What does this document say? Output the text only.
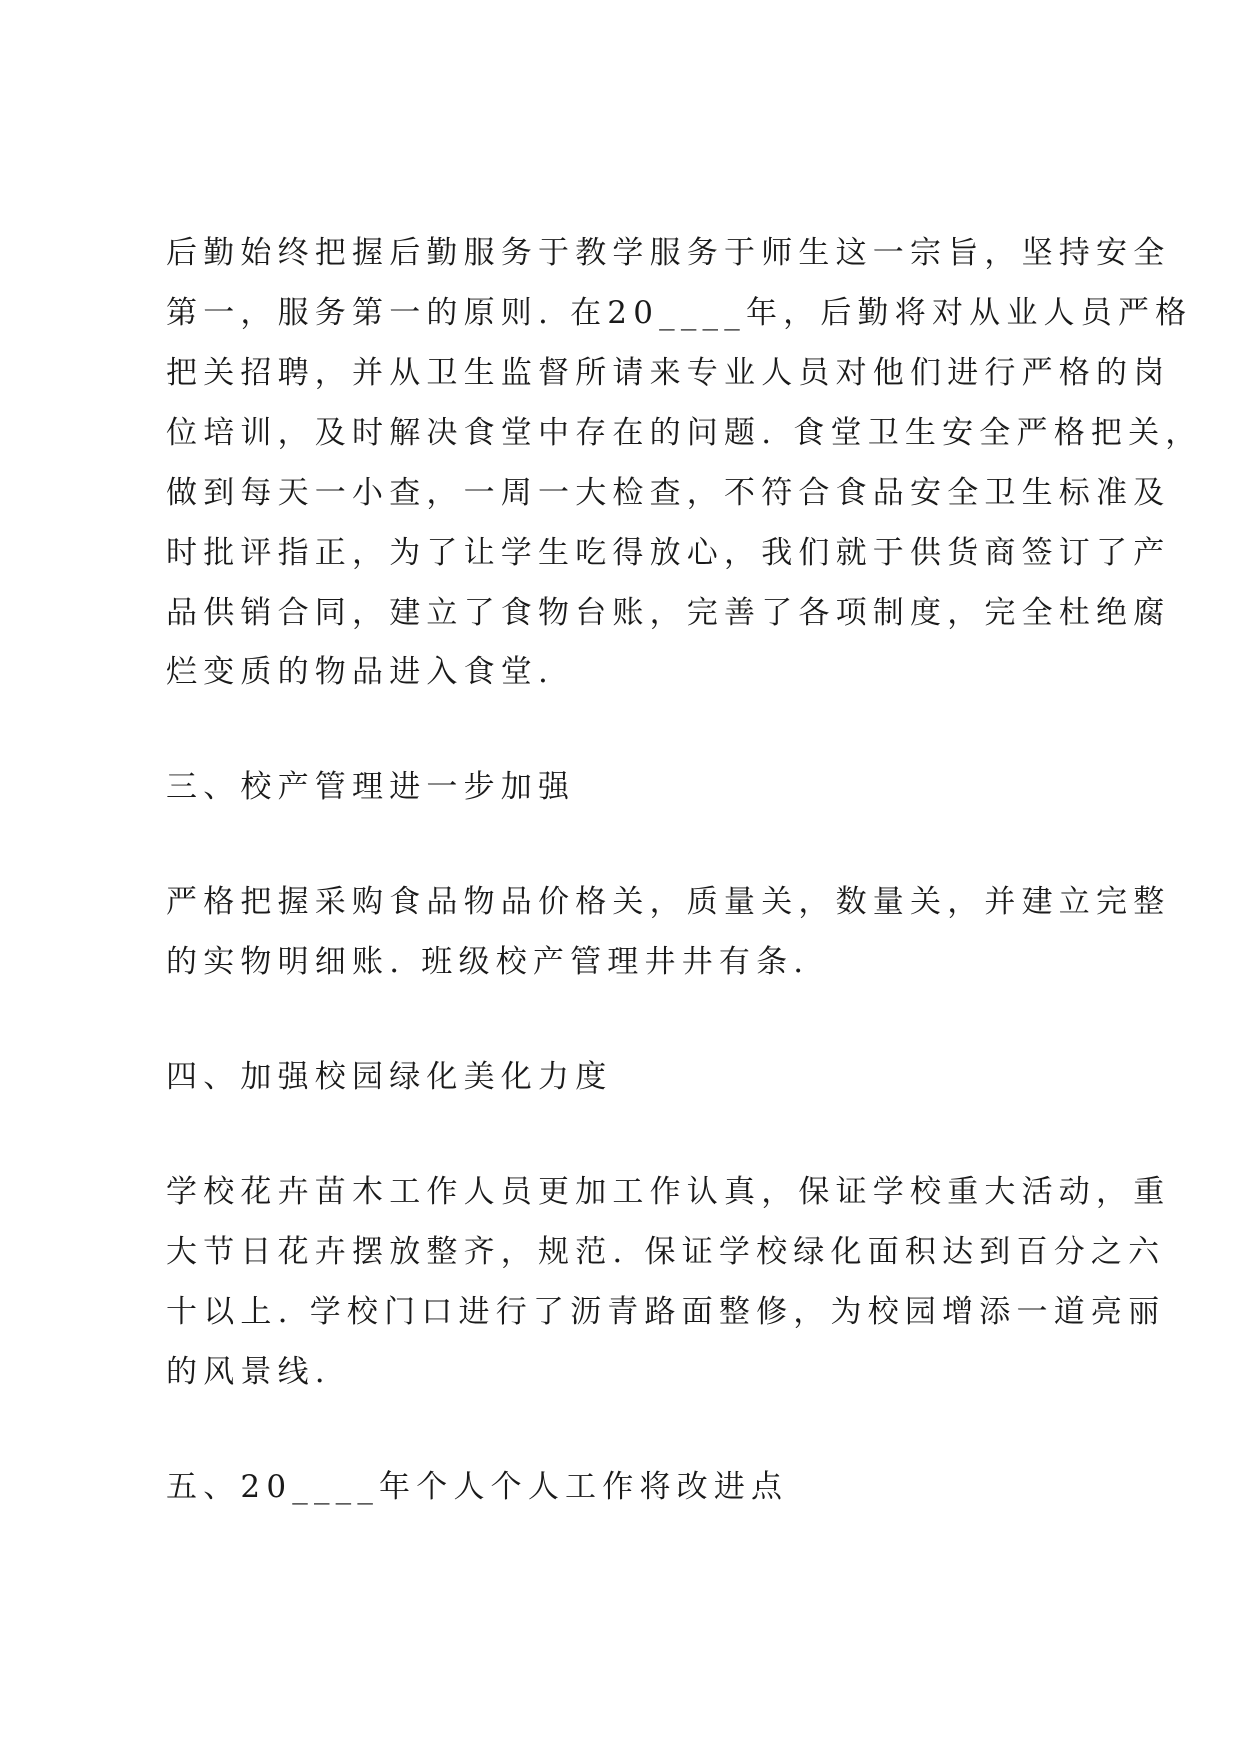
后勤始终把握后勤服务于教学服务于师生这一宗旨，坚持安全
第一，服务第一的原则. 在20____年，后勤将对从业人员严格
把关招聘，并从卫生监督所请来专业人员对他们进行严格的岗
位培训，及时解决食堂中存在的问题. 食堂卫生安全严格把关，
做到每天一小查，一周一大检查，不符合食品安全卫生标准及
时批评指正，为了让学生吃得放心，我们就于供货商签订了产
品供销合同，建立了食物台账，完善了各项制度，完全杜绝腐
烂变质的物品进入食堂.
三、校产管理进一步加强
严格把握采购食品物品价格关，质量关，数量关，并建立完整
的实物明细账. 班级校产管理井井有条.
四、加强校园绿化美化力度
学校花卉苗木工作人员更加工作认真，保证学校重大活动，重
大节日花卉摆放整齐，规范. 保证学校绿化面积达到百分之六
十以上. 学校门口进行了沥青路面整修，为校园增添一道亮丽
的风景线.
五、20____年个人个人工作将改进点
